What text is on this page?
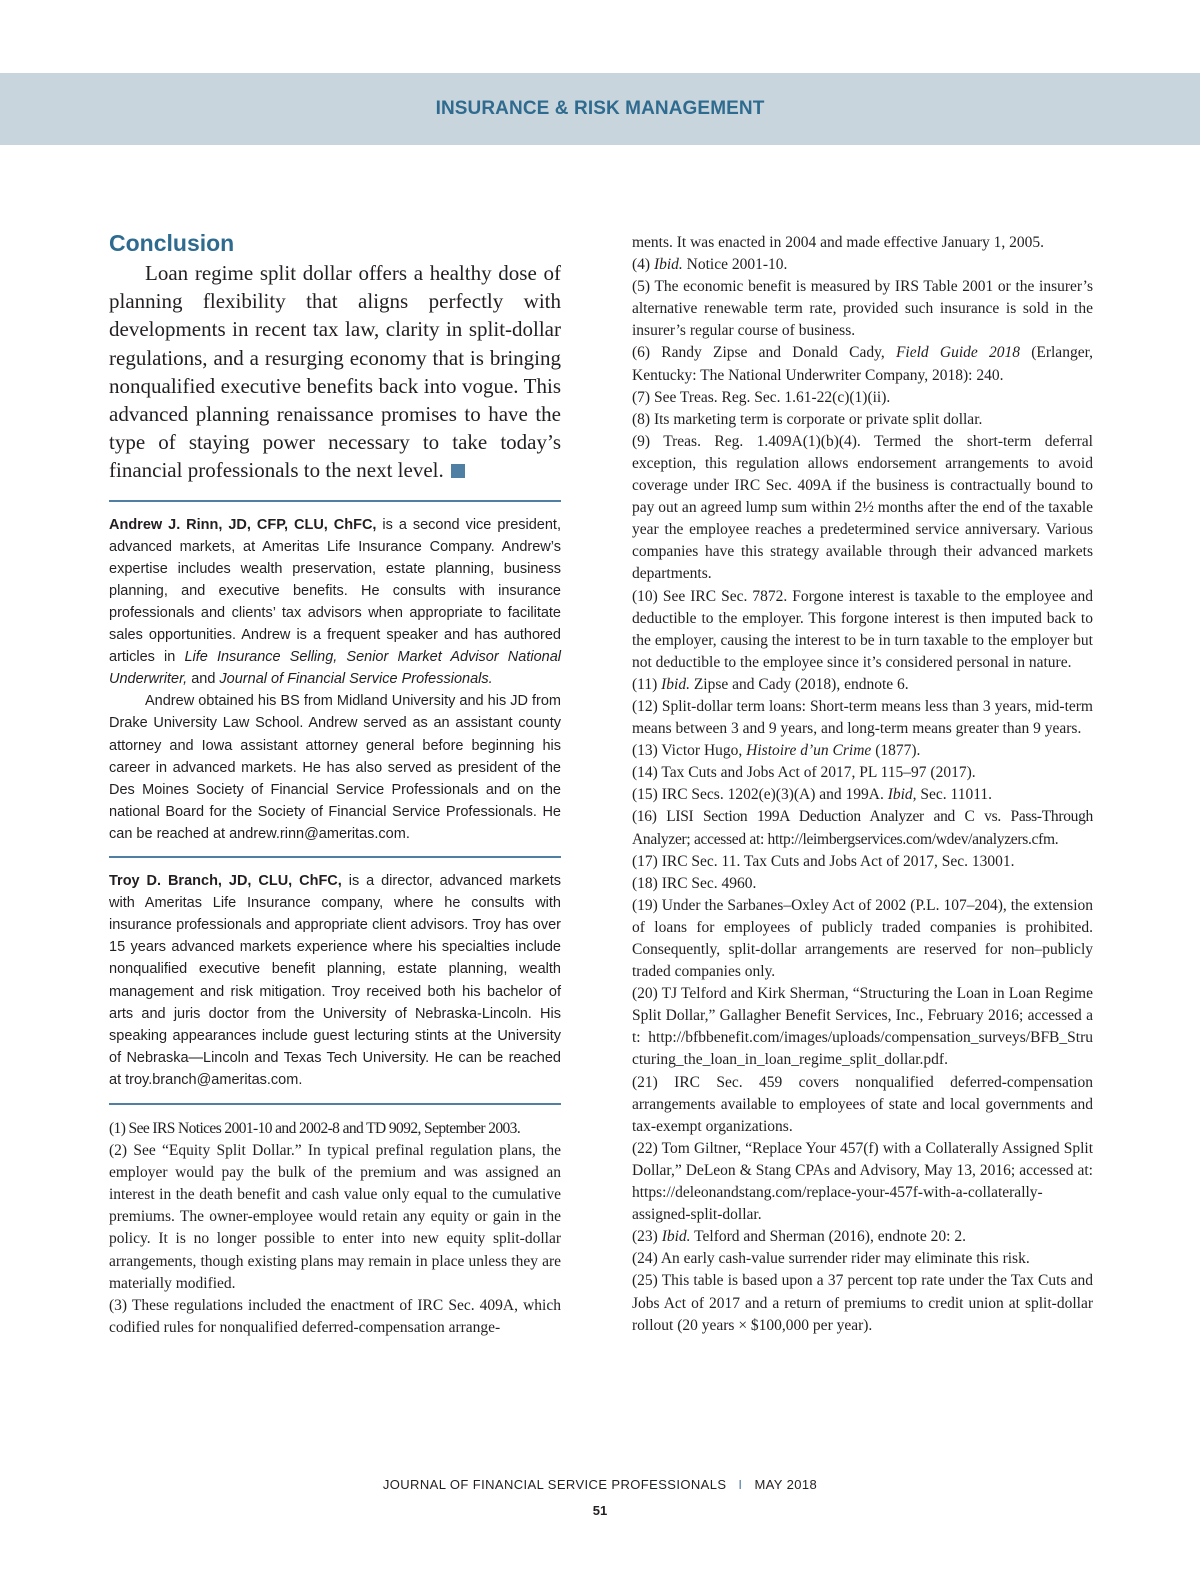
INSURANCE & RISK MANAGEMENT
Conclusion

Loan regime split dollar offers a healthy dose of planning flexibility that aligns perfectly with developments in recent tax law, clarity in split-dollar regulations, and a resurging economy that is bringing nonqualified executive benefits back into vogue. This advanced planning renaissance promises to have the type of staying power necessary to take today’s financial professionals to the next level.

Andrew J. Rinn, JD, CFP, CLU, ChFC, is a second vice president, advanced markets, at Ameritas Life Insurance Company. Andrew’s expertise includes wealth preservation, estate planning, business planning, and executive benefits. He consults with insurance professionals and clients’ tax advisors when appropriate to facilitate sales opportunities. Andrew is a frequent speaker and has authored articles in Life Insurance Selling, Senior Market Advisor National Underwriter, and Journal of Financial Service Professionals.

Andrew obtained his BS from Midland University and his JD from Drake University Law School. Andrew served as an assistant county attorney and Iowa assistant attorney general before beginning his career in advanced markets. He has also served as president of the Des Moines Society of Financial Service Professionals and on the national Board for the Society of Financial Service Professionals. He can be reached at andrew.rinn@ameritas.com.

Troy D. Branch, JD, CLU, ChFC, is a director, advanced markets with Ameritas Life Insurance company, where he consults with insurance professionals and appropriate client advisors. Troy has over 15 years advanced markets experience where his specialties include nonqualified executive benefit planning, estate planning, wealth management and risk mitigation. Troy received both his bachelor of arts and juris doctor from the University of Nebraska-Lincoln. His speaking appearances include guest lecturing stints at the University of Nebraska—Lincoln and Texas Tech University. He can be reached at troy.branch@ameritas.com.

(1) See IRS Notices 2001-10 and 2002-8 and TD 9092, September 2003.

(2) See “Equity Split Dollar.” In typical prefinal regulation plans, the employer would pay the bulk of the premium and was assigned an interest in the death benefit and cash value only equal to the cumulative premiums. The owner-employee would retain any equity or gain in the policy. It is no longer possible to enter into new equity split-dollar arrangements, though existing plans may remain in place unless they are materially modified.

(3) These regulations included the enactment of IRC Sec. 409A, which codified rules for nonqualified deferred-compensation arrange-

ments. It was enacted in 2004 and made effective January 1, 2005.

(4) Ibid. Notice 2001-10.

(5) The economic benefit is measured by IRS Table 2001 or the insurer’s alternative renewable term rate, provided such insurance is sold in the insurer’s regular course of business.

(6) Randy Zipse and Donald Cady, Field Guide 2018 (Erlanger, Kentucky: The National Underwriter Company, 2018): 240.

(7) See Treas. Reg. Sec. 1.61-22(c)(1)(ii).

(8) Its marketing term is corporate or private split dollar.

(9) Treas. Reg. 1.409A(1)(b)(4). Termed the short-term deferral exception, this regulation allows endorsement arrangements to avoid coverage under IRC Sec. 409A if the business is contractually bound to pay out an agreed lump sum within 2½ months after the end of the taxable year the employee reaches a predetermined service anniversary. Various companies have this strategy available through their advanced markets departments.

(10) See IRC Sec. 7872. Forgone interest is taxable to the employee and deductible to the employer. This forgone interest is then imputed back to the employer, causing the interest to be in turn taxable to the employer but not deductible to the employee since it’s considered personal in nature.

(11) Ibid. Zipse and Cady (2018), endnote 6.

(12) Split-dollar term loans: Short-term means less than 3 years, mid-term means between 3 and 9 years, and long-term means greater than 9 years.

(13) Victor Hugo, Histoire d’un Crime (1877).

(14) Tax Cuts and Jobs Act of 2017, PL 115–97 (2017).

(15) IRC Secs. 1202(e)(3)(A) and 199A. Ibid, Sec. 11011.

(16) LISI Section 199A Deduction Analyzer and C vs. Pass-Through Analyzer; accessed at: http://leimbergservices.com/wdev/analyzers.cfm.

(17) IRC Sec. 11. Tax Cuts and Jobs Act of 2017, Sec. 13001.

(18) IRC Sec. 4960.

(19) Under the Sarbanes–Oxley Act of 2002 (P.L. 107–204), the extension of loans for employees of publicly traded companies is prohibited. Consequently, split-dollar arrangements are reserved for non–publicly traded companies only.

(20) TJ Telford and Kirk Sherman, “Structuring the Loan in Loan Regime Split Dollar,” Gallagher Benefit Services, Inc., February 2016; accessed at: http://bfbbenefit.com/images/uploads/compensation_surveys/BFB_Structuring_the_loan_in_loan_regime_split_dollar.pdf.

(21) IRC Sec. 459 covers nonqualified deferred-compensation arrangements available to employees of state and local governments and tax-exempt organizations.

(22) Tom Giltner, “Replace Your 457(f) with a Collaterally Assigned Split Dollar,” DeLeon & Stang CPAs and Advisory, May 13, 2016; accessed at: https://deleonandstang.com/replace-your-457f-with-a-collaterally-assigned-split-dollar.

(23) Ibid. Telford and Sherman (2016), endnote 20: 2.

(24) An early cash-value surrender rider may eliminate this risk.

(25) This table is based upon a 37 percent top rate under the Tax Cuts and Jobs Act of 2017 and a return of premiums to credit union at split-dollar rollout (20 years × $100,000 per year).

JOURNAL OF FINANCIAL SERVICE PROFESSIONALS I MAY 2018
51
